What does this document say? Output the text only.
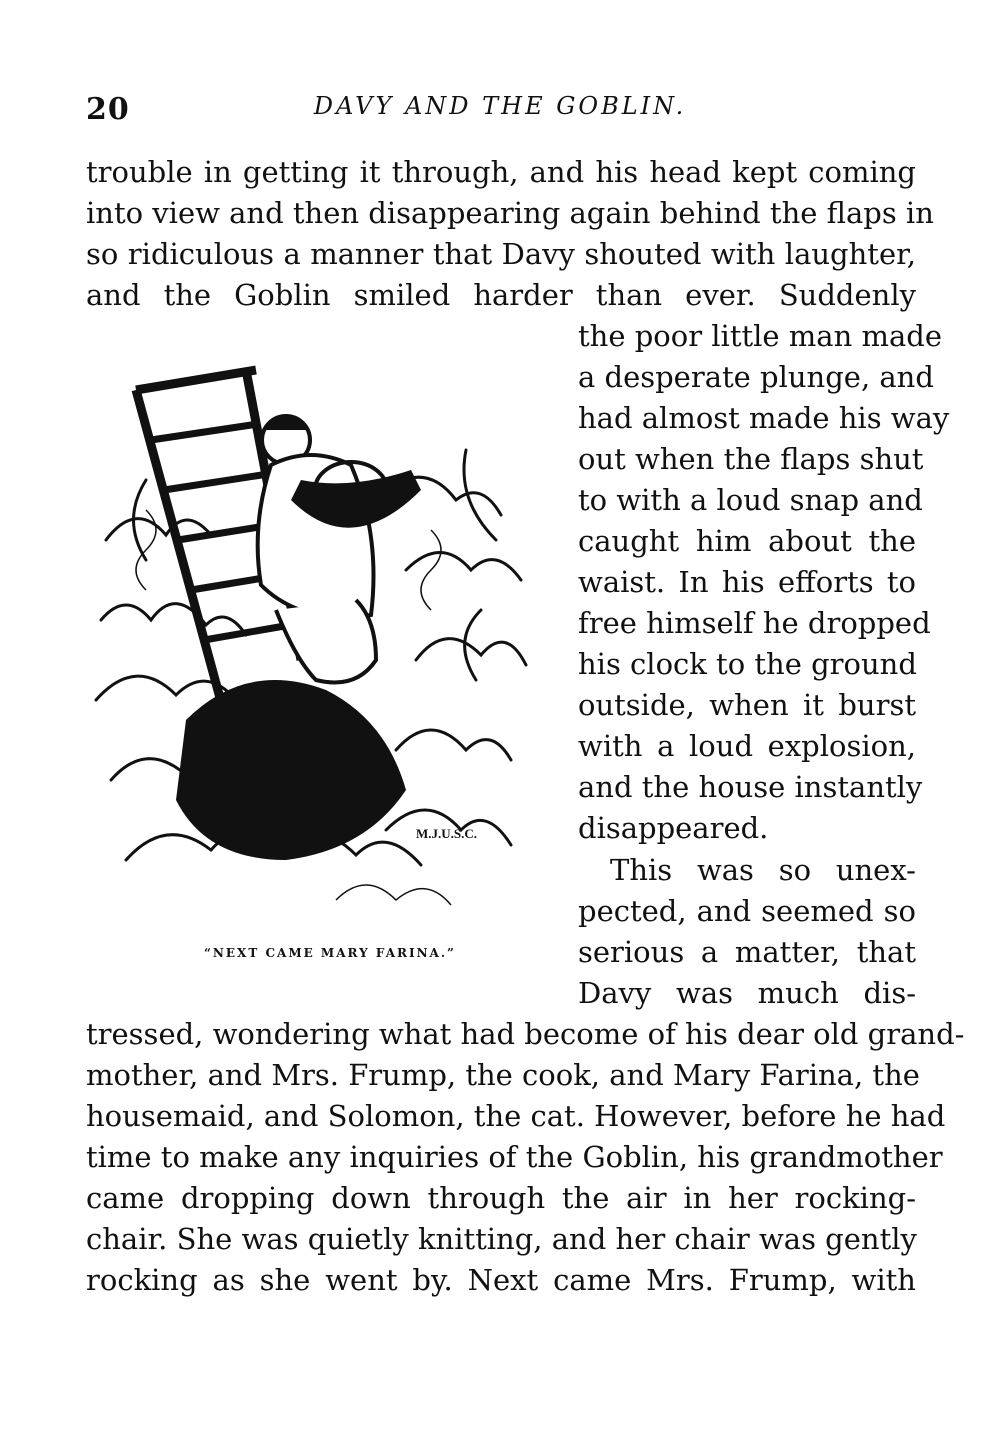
20	DAVY AND THE GOBLIN.
trouble in getting it through, and his head kept coming
into view and then disappearing again behind the flaps in
so ridiculous a manner that Davy shouted with laughter,
and the Goblin smiled harder than ever. Suddenly
the poor little man made
a desperate plunge, and
had almost made his way
out when the flaps shut
to with a loud snap and
caught him about the
waist. In his efforts to
free himself he dropped
his clock to the ground
outside, when it burst
with a loud explosion,
and the house instantly
disappeared.
This was so unex-
pected, and seemed so
serious a matter, that
Davy was much dis-
tressed, wondering what had become of his dear old grand-
mother, and Mrs. Frump, the cook, and Mary Farina, the
housemaid, and Solomon, the cat. However, before he had
time to make any inquiries of the Goblin, his grandmother
came dropping down through the air in her rocking-
chair. She was quietly knitting, and her chair was gently
rocking as she went by. Next came Mrs. Frump, with
M.J.U.S.C.
“NEXT CAME MARY FARINA.”
